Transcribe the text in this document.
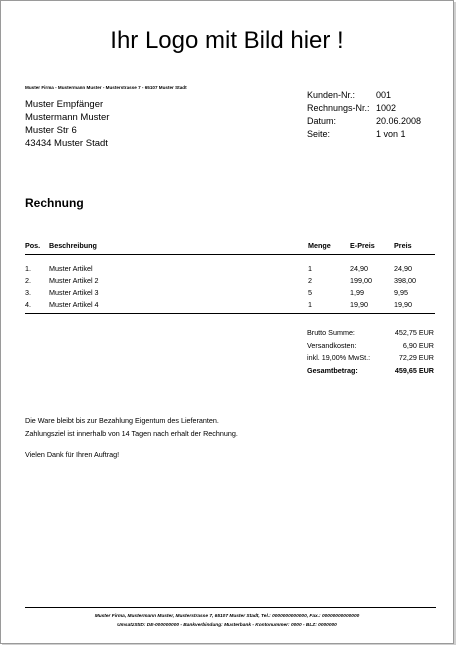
Ihr Logo mit Bild hier !
Muster Firma - Mustermann Muster - Musterstrasse 7 - 65107 Muster Stadt
Muster Empfänger
Mustermann Muster
Muster Str 6
43434 Muster Stadt
Kunden-Nr.:	001
Rechnungs-Nr.: 1002
Datum:	20.06.2008
Seite:	1 von 1
Rechnung
Pos.	Beschreibung	Menge	E-Preis	Preis
1.	Muster Artikel	1	24,90	24,90
2.	Muster Artikel 2	2	199,00	398,00
3.	Muster Artikel 3	5	1,99	9,95
4.	Muster Artikel 4	1	19,90	19,90
Brutto Summe:	452,75 EUR
Versandkosten:	6,90 EUR
inkl. 19,00% MwSt.:	72,29 EUR
Gesamtbetrag:	459,65 EUR
Die Ware bleibt bis zur Bezahlung Eigentum des Lieferanten.
Zahlungsziel ist innerhalb von 14 Tagen nach erhalt der Rechnung.
Vielen Dank für Ihren Auftrag!
Muster Firma, Mustermann Muster, Musterstrasse 7, 65107 Muster Stadt, Tel.: 0000000000000, Fax.: 00000000000000
UmsatzStID: DE-000000000 - Bankverbindung: Musterbank - Kontonummer: 0000 - BLZ: 0000000
